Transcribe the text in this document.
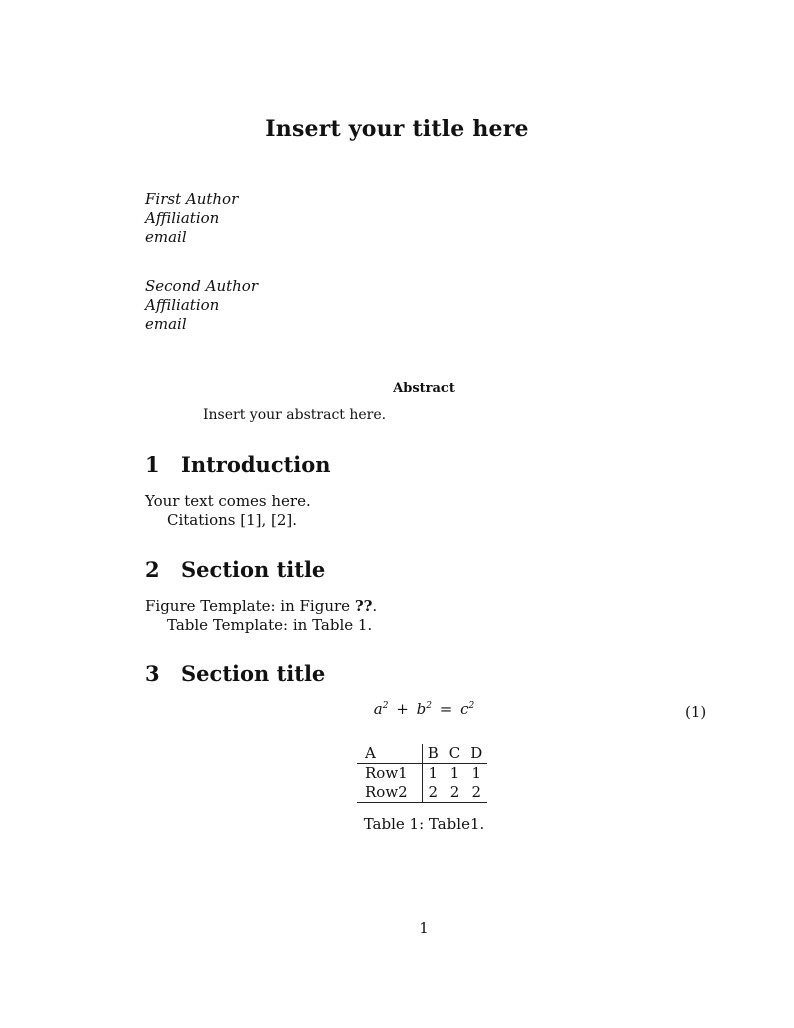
Insert your title here
First Author
Affiliation
email
Second Author
Affiliation
email
Abstract
Insert your abstract here.
1 Introduction
Your text comes here.
Citations [1], [2].
2 Section title
Figure Template: in Figure ??.
Table Template: in Table 1.
3 Section title
$a^2 + b^2 = c^2$	(1)
A	B	C	D
Row1	1	1	1
Row2	2	2	2
Table 1: Table1.
1
